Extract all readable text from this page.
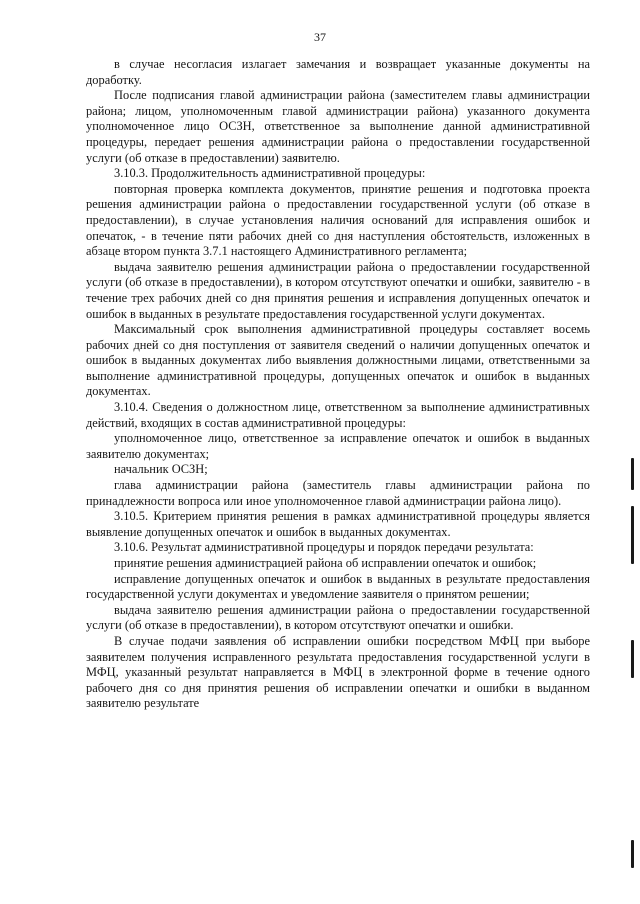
37

в случае несогласия излагает замечания и возвращает указанные документы на доработку.

После подписания главой администрации района (заместителем главы администрации района; лицом, уполномоченным главой администрации района) указанного документа уполномоченное лицо ОСЗН, ответственное за выполнение данной административной процедуры, передает решения администрации района о предоставлении государственной услуги (об отказе в предоставлении) заявителю.

3.10.3. Продолжительность административной процедуры:

повторная проверка комплекта документов, принятие решения и подготовка проекта решения администрации района о предоставлении государственной услуги (об отказе в предоставлении), в случае установления наличия оснований для исправления ошибок и опечаток, - в течение пяти рабочих дней со дня наступления обстоятельств, изложенных в абзаце втором пункта 3.7.1 настоящего Административного регламента;

выдача заявителю решения администрации района о предоставлении государственной услуги (об отказе в предоставлении), в котором отсутствуют опечатки и ошибки, заявителю - в течение трех рабочих дней со дня принятия решения и исправления допущенных опечаток и ошибок в выданных в результате предоставления государственной услуги документах.

Максимальный срок выполнения административной процедуры составляет восемь рабочих дней со дня поступления от заявителя сведений о наличии допущенных опечаток и ошибок в выданных документах либо выявления должностными лицами, ответственными за выполнение административной процедуры, допущенных опечаток и ошибок в выданных документах.

3.10.4. Сведения о должностном лице, ответственном за выполнение административных действий, входящих в состав административной процедуры:

уполномоченное лицо, ответственное за исправление опечаток и ошибок в выданных заявителю документах;

начальник ОСЗН;

глава администрации района (заместитель главы администрации района по принадлежности вопроса или иное уполномоченное главой администрации района лицо).

3.10.5. Критерием принятия решения в рамках административной процедуры является выявление допущенных опечаток и ошибок в выданных документах.

3.10.6. Результат административной процедуры и порядок передачи результата:

принятие решения администрацией района об исправлении опечаток и ошибок;

исправление допущенных опечаток и ошибок в выданных в результате предоставления государственной услуги документах и уведомление заявителя о принятом решении;

выдача заявителю решения администрации района о предоставлении государственной услуги (об отказе в предоставлении), в котором отсутствуют опечатки и ошибки.

В случае подачи заявления об исправлении ошибки посредством МФЦ при выборе заявителем получения исправленного результата предоставления государственной услуги в МФЦ, указанный результат направляется в МФЦ в электронной форме в течение одного рабочего дня со дня принятия решения об исправлении опечатки и ошибки в выданном заявителю результате
